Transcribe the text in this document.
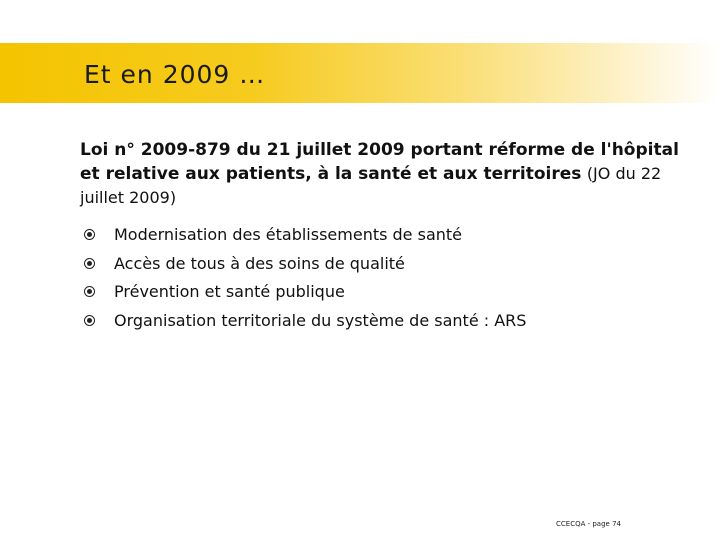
Et en 2009 …
Loi n° 2009-879 du 21 juillet 2009 portant réforme de l'hôpital et relative aux patients, à la santé et aux territoires (JO du 22 juillet 2009)
Modernisation des établissements de santé
Accès de tous à des soins de qualité
Prévention et santé publique
Organisation territoriale du système de santé : ARS
CCECQA - page 74
